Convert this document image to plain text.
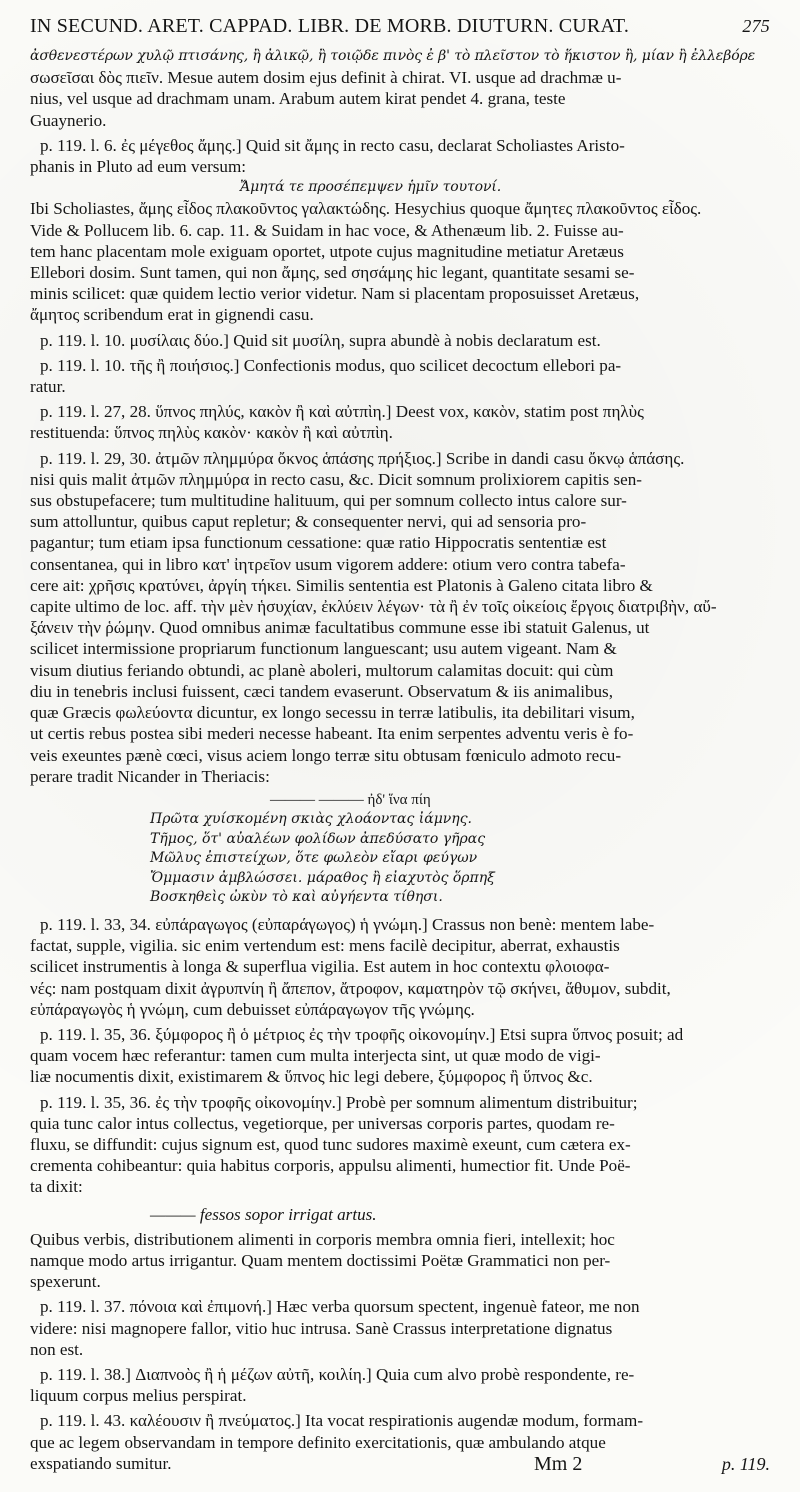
IN SECUND. ARET. CAPPAD. LIBR. DE MORB. DIUTURN. CURAT.	275
ἀσθενεστέρων χυλῷ πτισάνης, ἢ ἀλικῷ, ἢ τοιῷδε πινὸς ἐ β' τὸ πλεῖστον τὸ ἥκιστον ἢ, μίαν ἢ ἐλλεβόρε
σωσεῖσαι δὸς πιεῖν. Mesue autem dosim ejus definit à chirat. VI. usque ad drachmæ u-
nius, vel usque ad drachmam unam. Arabum autem kirat pendet 4. grana, teste
Guaynerio.
p. 119. l. 6. ἐς μέγεθος ἄμης.] Quid sit ἄμης in recto casu, declarat Scholiastes Aristo-
phanis in Pluto ad eum versum:
Ἄμητά τε προσέπεμψεν ἡμῖν τουτονί.
Ibi Scholiastes, ἄμης εἶδος πλακοῦντος γαλακτώδης. Hesychius quoque ἄμητες πλακοῦντος εἶδος.
Vide & Pollucem lib. 6. cap. 11. & Suidam in hac voce, & Athenæum lib. 2. Fuisse au-
tem hanc placentam mole exiguam oportet, utpote cujus magnitudine metiatur Aretæus
Ellebori dosim. Sunt tamen, qui non ἄμης, sed σησάμης hic legant, quantitate sesami se-
minis scilicet: quæ quidem lectio verior videtur. Nam si placentam proposuisset Aretæus,
ἄμητος scribendum erat in gignendi casu.
p. 119. l. 10. μυσίλαις δύο.] Quid sit μυσίλη, supra abundè à nobis declaratum est.
p. 119. l. 10. τῆς ἢ ποιήσιος.] Confectionis modus, quo scilicet decoctum ellebori pa-
ratur.
p. 119. l. 27, 28. ὕπνος πηλύς, κακὸν ἢ καὶ αὐτπὶη.] Deest vox, κακὸν, statim post πηλὺς
restituenda: ὕπνος πηλὺς κακὸν· κακὸν ἢ καὶ αὐτπὶη.
p. 119. l. 29, 30. ἀτμῶν πλημμύρα ὄκνος ἁπάσης πρήξιος.] Scribe in dandi casu ὄκνῳ ἁπάσης.
nisi quis malit ἀτμῶν πλημμύρα in recto casu, &c. Dicit somnum prolixiorem capitis sen-
sus obstupefacere; tum multitudine halituum, qui per somnum collecto intus calore sur-
sum attolluntur, quibus caput repletur; & consequenter nervi, qui ad sensoria pro-
pagantur; tum etiam ipsa functionum cessatione: quæ ratio Hippocratis sententiæ est
consentanea, qui in libro κατ' ἰητρεῖον usum vigorem addere: otium vero contra tabefa-
cere ait: χρῆσις κρατύνει, ἀργίη τήκει. Similis sententia est Platonis à Galeno citata libro &
capite ultimo de loc. aff. τὴν μὲν ἡσυχίαν, ἐκλύειν λέγων· τὰ ἢ ἐν τοῖς οἰκείοις ἔργοις διατριβὴν, αὔ-
ξάνειν τὴν ῥώμην. Quod omnibus animæ facultatibus commune esse ibi statuit Galenus, ut
scilicet intermissione propriarum functionum languescant; usu autem vigeant. Nam &
visum diutius feriando obtundi, ac planè aboleri, multorum calamitas docuit: qui cùm
diu in tenebris inclusi fuissent, cæci tandem evaserunt. Observatum & iis animalibus,
quæ Græcis φωλεύοντα dicuntur, ex longo secessu in terræ latibulis, ita debilitari visum,
ut certis rebus postea sibi mederi necesse habeant. Ita enim serpentes adventu veris è fo-
veis exeuntes pænè cœci, visus aciem longo terræ situ obtusam fœniculo admoto recu-
perare tradit Nicander in Theriacis:
——— ——— ἠδ' ἵνα πίη
Πρῶτα χυίσκομένη σκιὰς χλοάοντας ἰάμνης.
Τῆμος, ὅτ' αὐαλέων φολίδων ἀπεδύσατο γῆρας
Μῶλυς ἐπιστείχων, ὅτε φωλεὸν εἴαρι φεύγων
Ὄμμασιν ἀμβλώσσει. μάραθος ἢ εἰαχυτὸς ὅρπηξ
Βοσκηθεὶς ὠκὺν τὸ καὶ αὐγήεντα τίθησι.
p. 119. l. 33, 34. εὐπάραγωγος (εὐπαράγωγος) ἡ γνώμη.] Crassus non benè: mentem labe-
factat, supple, vigilia. sic enim vertendum est: mens facilè decipitur, aberrat, exhaustis
scilicet instrumentis à longa & superflua vigilia. Est autem in hoc contextu φλοιοφα-
νές: nam postquam dixit ἀγρυπνίη ἢ ἄπεπον, ἄτροφον, καματηρὸν τῷ σκήνει, ἄθυμον, subdit,
εὐπάραγωγὸς ἡ γνώμη, cum debuisset εὐπάραγωγον τῆς γνώμης.
p. 119. l. 35, 36. ξύμφορος ἢ ὁ μέτριος ἐς τὴν τροφῆς οἰκονομίην.] Etsi supra ὕπνος posuit; ad
quam vocem hæc referantur: tamen cum multa interjecta sint, ut quæ modo de vigi-
liæ nocumentis dixit, existimarem & ὕπνος hic legi debere, ξύμφορος ἢ ὕπνος &c.
p. 119. l. 35, 36. ἐς τὴν τροφῆς οἰκονομίην.] Probè per somnum alimentum distribuitur;
quia tunc calor intus collectus, vegetiorque, per universas corporis partes, quodam re-
fluxu, se diffundit: cujus signum est, quod tunc sudores maximè exeunt, cum cætera ex-
crementa cohibeantur: quia habitus corporis, appulsu alimenti, humectior fit. Unde Poë-
ta dixit:
——— fessos sopor irrigat artus.
Quibus verbis, distributionem alimenti in corporis membra omnia fieri, intellexit; hoc
namque modo artus irrigantur. Quam mentem doctissimi Poëtæ Grammatici non per-
spexerunt.
p. 119. l. 37. πόνοια καὶ ἐπιμονή.] Hæc verba quorsum spectent, ingenuè fateor, me non
videre: nisi magnopere fallor, vitio huc intrusa. Sanè Crassus interpretatione dignatus
non est.
p. 119. l. 38.] Διαπνοὸς ἢ ἡ μέζων αὐτῆ, κοιλίη.] Quia cum alvo probè respondente, re-
liquum corpus melius perspirat.
p. 119. l. 43. καλέουσιν ἢ πνεύματος.] Ita vocat respirationis augendæ modum, formam-
que ac legem observandam in tempore definito exercitationis, quæ ambulando atque
exspatiando sumitur.	Mm 2	p. 119.
